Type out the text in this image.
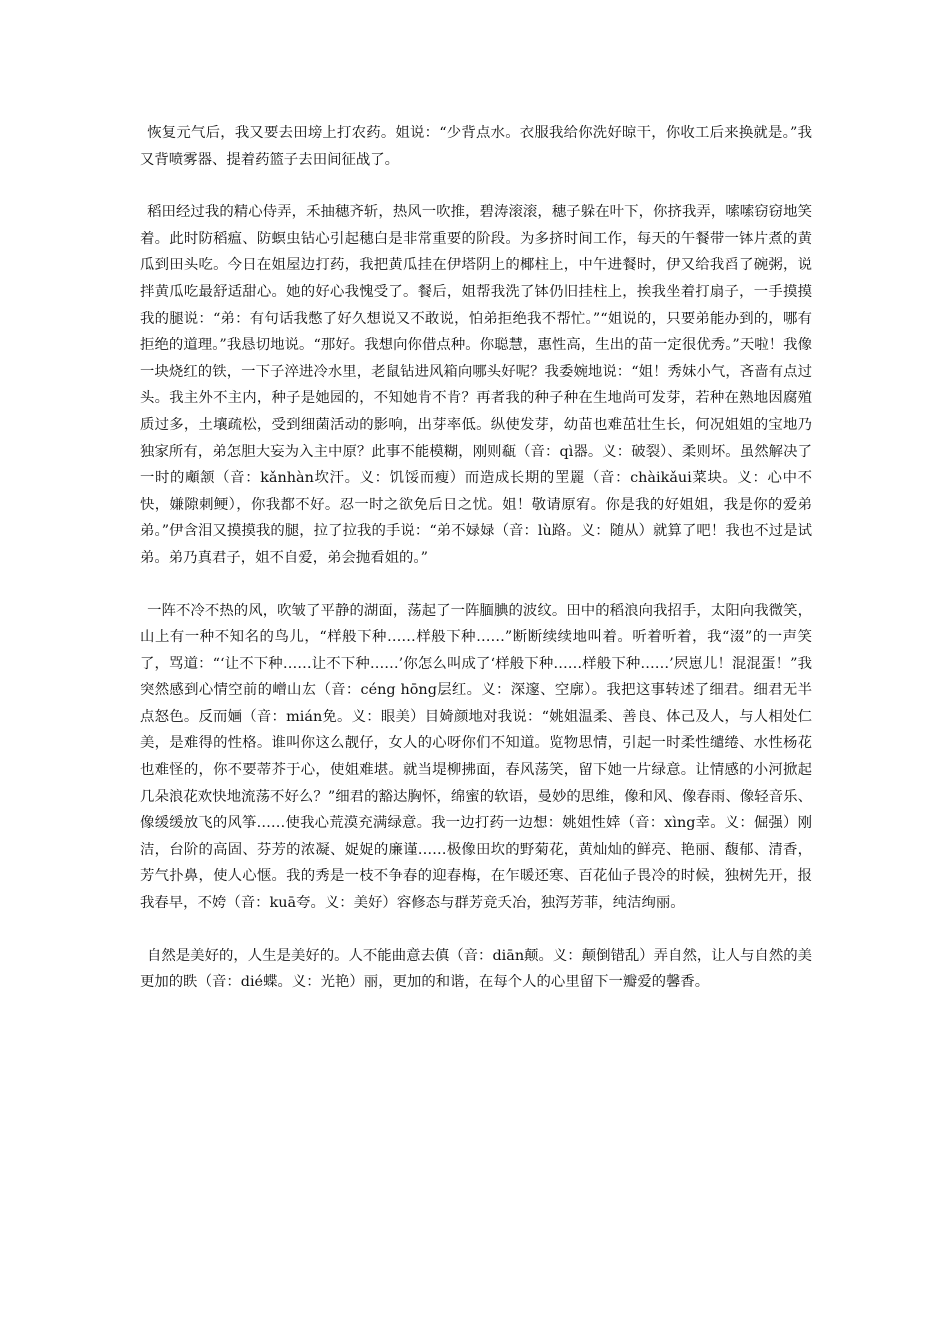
恢复元气后，我又要去田塝上打农药。姐说：“少背点水。衣服我给你洗好晾干，你收工后来换就是。”我又背喷雾器、提着药篮子去田间征战了。

稻田经过我的精心侍弄，禾抽穗齐斩，热风一吹推，碧涛滚滚，穗子躲在叶下，你挤我弄，嗦嗦窃窃地笑着。此时防稻瘟、防螟虫钻心引起穗白是非常重要的阶段。为多挤时间工作，每天的午餐带一钵片煮的黄瓜到田头吃。今日在姐屋边打药，我把黄瓜挂在伊塔阴上的椰柱上，中午进餐时，伊又给我舀了碗粥，说拌黄瓜吃最舒适甜心。她的好心我愧受了。餐后，姐帮我洗了钵仍旧挂柱上，挨我坐着打扇子，一手摸摸我的腿说：“弟：有句话我憋了好久想说又不敢说，怕弟拒绝我不帮忙。”“姐说的，只要弟能办到的，哪有拒绝的道理。”我恳切地说。“那好。我想向你借点种。你聪慧，惠性高，生出的苗一定很优秀。”天啦！我像一块烧红的铁，一下子淬进冷水里，老鼠钻进风箱向哪头好呢？我委婉地说：“姐！秀妹小气，吝啬有点过头。我主外不主内，种子是她园的，不知她肯不肯？再者我的种子种在生地尚可发芽，若种在熟地因腐殖质过多，土壤疏松，受到细菌活动的影响，出芽率低。纵使发芽，幼苗也难茁壮生长，何况姐姐的宝地乃独家所有，弟怎胆大妄为入主中原？此事不能模糊，刚则瓻（音：qì器。义：破裂）、柔则坏。虽然解决了一时的顑颔（音：kǎnhàn坎汗。义：饥馁而瘦）而造成长期的罜䍡（音：chàikǎui菜块。义：心中不快，嫌隙刺鲠），你我都不好。忍一时之欲免后日之忧。姐！敬请原宥。你是我的好姐姐，我是你的爱弟弟。”伊含泪又摸摸我的腿，拉了拉我的手说：“弟不娽娽（音：lù路。义：随从）就算了吧！我也不过是试弟。弟乃真君子，姐不自爱，弟会抛看姐的。”

一阵不冷不热的风，吹皱了平静的湖面，荡起了一阵腼腆的波纹。田中的稻浪向我招手，太阳向我微笑，山上有一种不知名的鸟儿，“样般下种……样般下种……”断断续续地叫着。听着听着，我“涰”的一声笑了，骂道：“‘让不下种……让不下种……’你怎么叫成了‘样般下种……样般下种……’屄崽儿！混混蛋！”我突然感到心情空前的嶒山厷（音：céng hōng层红。义：深邃、空廓）。我把这事转述了细君。细君无半点怒色。反而婳（音：mián免。义：眼美）目婍颜地对我说：“姚姐温柔、善良、体己及人，与人相处仁美，是难得的性格。谁叫你这么靓仔，女人的心呀你们不知道。览物思情，引起一时柔性缱绻、水性杨花也难怪的，你不要蒂芥于心，使姐难堪。就当堤柳拂面，春风荡笑，留下她一片绿意。让情感的小河掀起几朵浪花欢快地流荡不好么？”细君的豁达胸怀，绵蜜的软语，曼妙的思维，像和风、像春雨、像轻音乐、像缓缓放飞的风筝……使我心荒漠充满绿意。我一边打药一边想：姚姐性婞（音：xìng幸。义：倔强）刚洁，台阶的高固、芬芳的浓凝、娖娖的廉谨……极像田坎的野菊花，黄灿灿的鲜亮、艳丽、馥郁、清香，芳气扑鼻，使人心惬。我的秀是一枝不争春的迎春梅，在乍暖还寒、百花仙子畏冷的时候，独树先开，报我春早，不姱（音：kuā夸。义：美好）容修态与群芳竞夭冶，独泻芳菲，纯洁绚丽。

自然是美好的，人生是美好的。人不能曲意去傎（音：diān颠。义：颠倒错乱）弄自然，让人与自然的美更加的眣（音：dié蝶。义：光艳）丽，更加的和谐，在每个人的心里留下一瓣爱的馨香。
